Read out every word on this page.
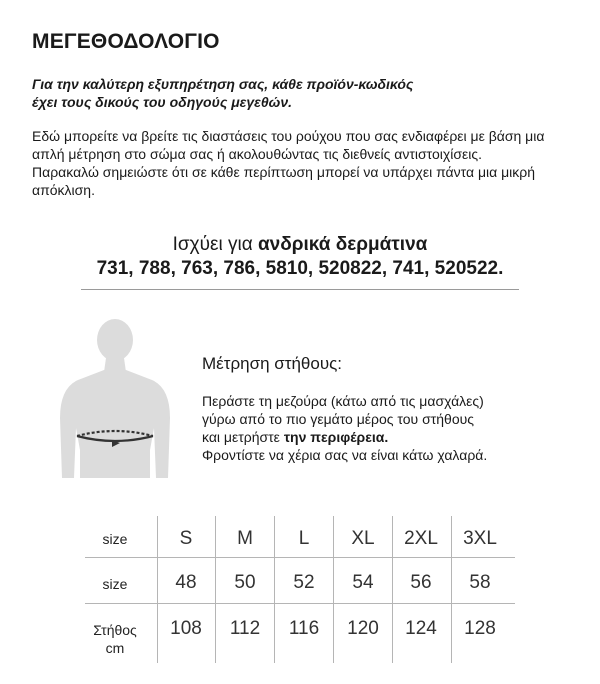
ΜΕΓΕΘΟΔΟΛΟΓΙΟ
Για την καλύτερη εξυπηρέτηση σας, κάθε προϊόν-κωδικός
έχει τους δικούς του οδηγούς μεγεθών.

Εδώ μπορείτε να βρείτε τις διαστάσεις του ρούχου που σας ενδιαφέρει με βάση μια απλή μέτρηση στο σώμα σας ή ακολουθώντας τις διεθνείς αντιστοιχίσεις.

Παρακαλώ σημειώστε ότι σε κάθε περίπτωση μπορεί να υπάρχει πάντα μια μικρή απόκλιση.

Ισχύει για ανδρικά δερμάτινα
731, 788, 763, 786, 5810, 520822, 741, 520522.
Μέτρηση στήθους:

Περάστε τη μεζούρα (κάτω από τις μασχάλες)

γύρω από το πιο γεμάτο μέρος του στήθους

και μετρήστε την περιφέρεια.

Φροντίστε να χέρια σας να είναι κάτω χαλαρά.

size	S	M	L	XL	2XL	3XL
size	48	50	52	54	56	58
Στήθος
cm
108	112	116	120	124	128
